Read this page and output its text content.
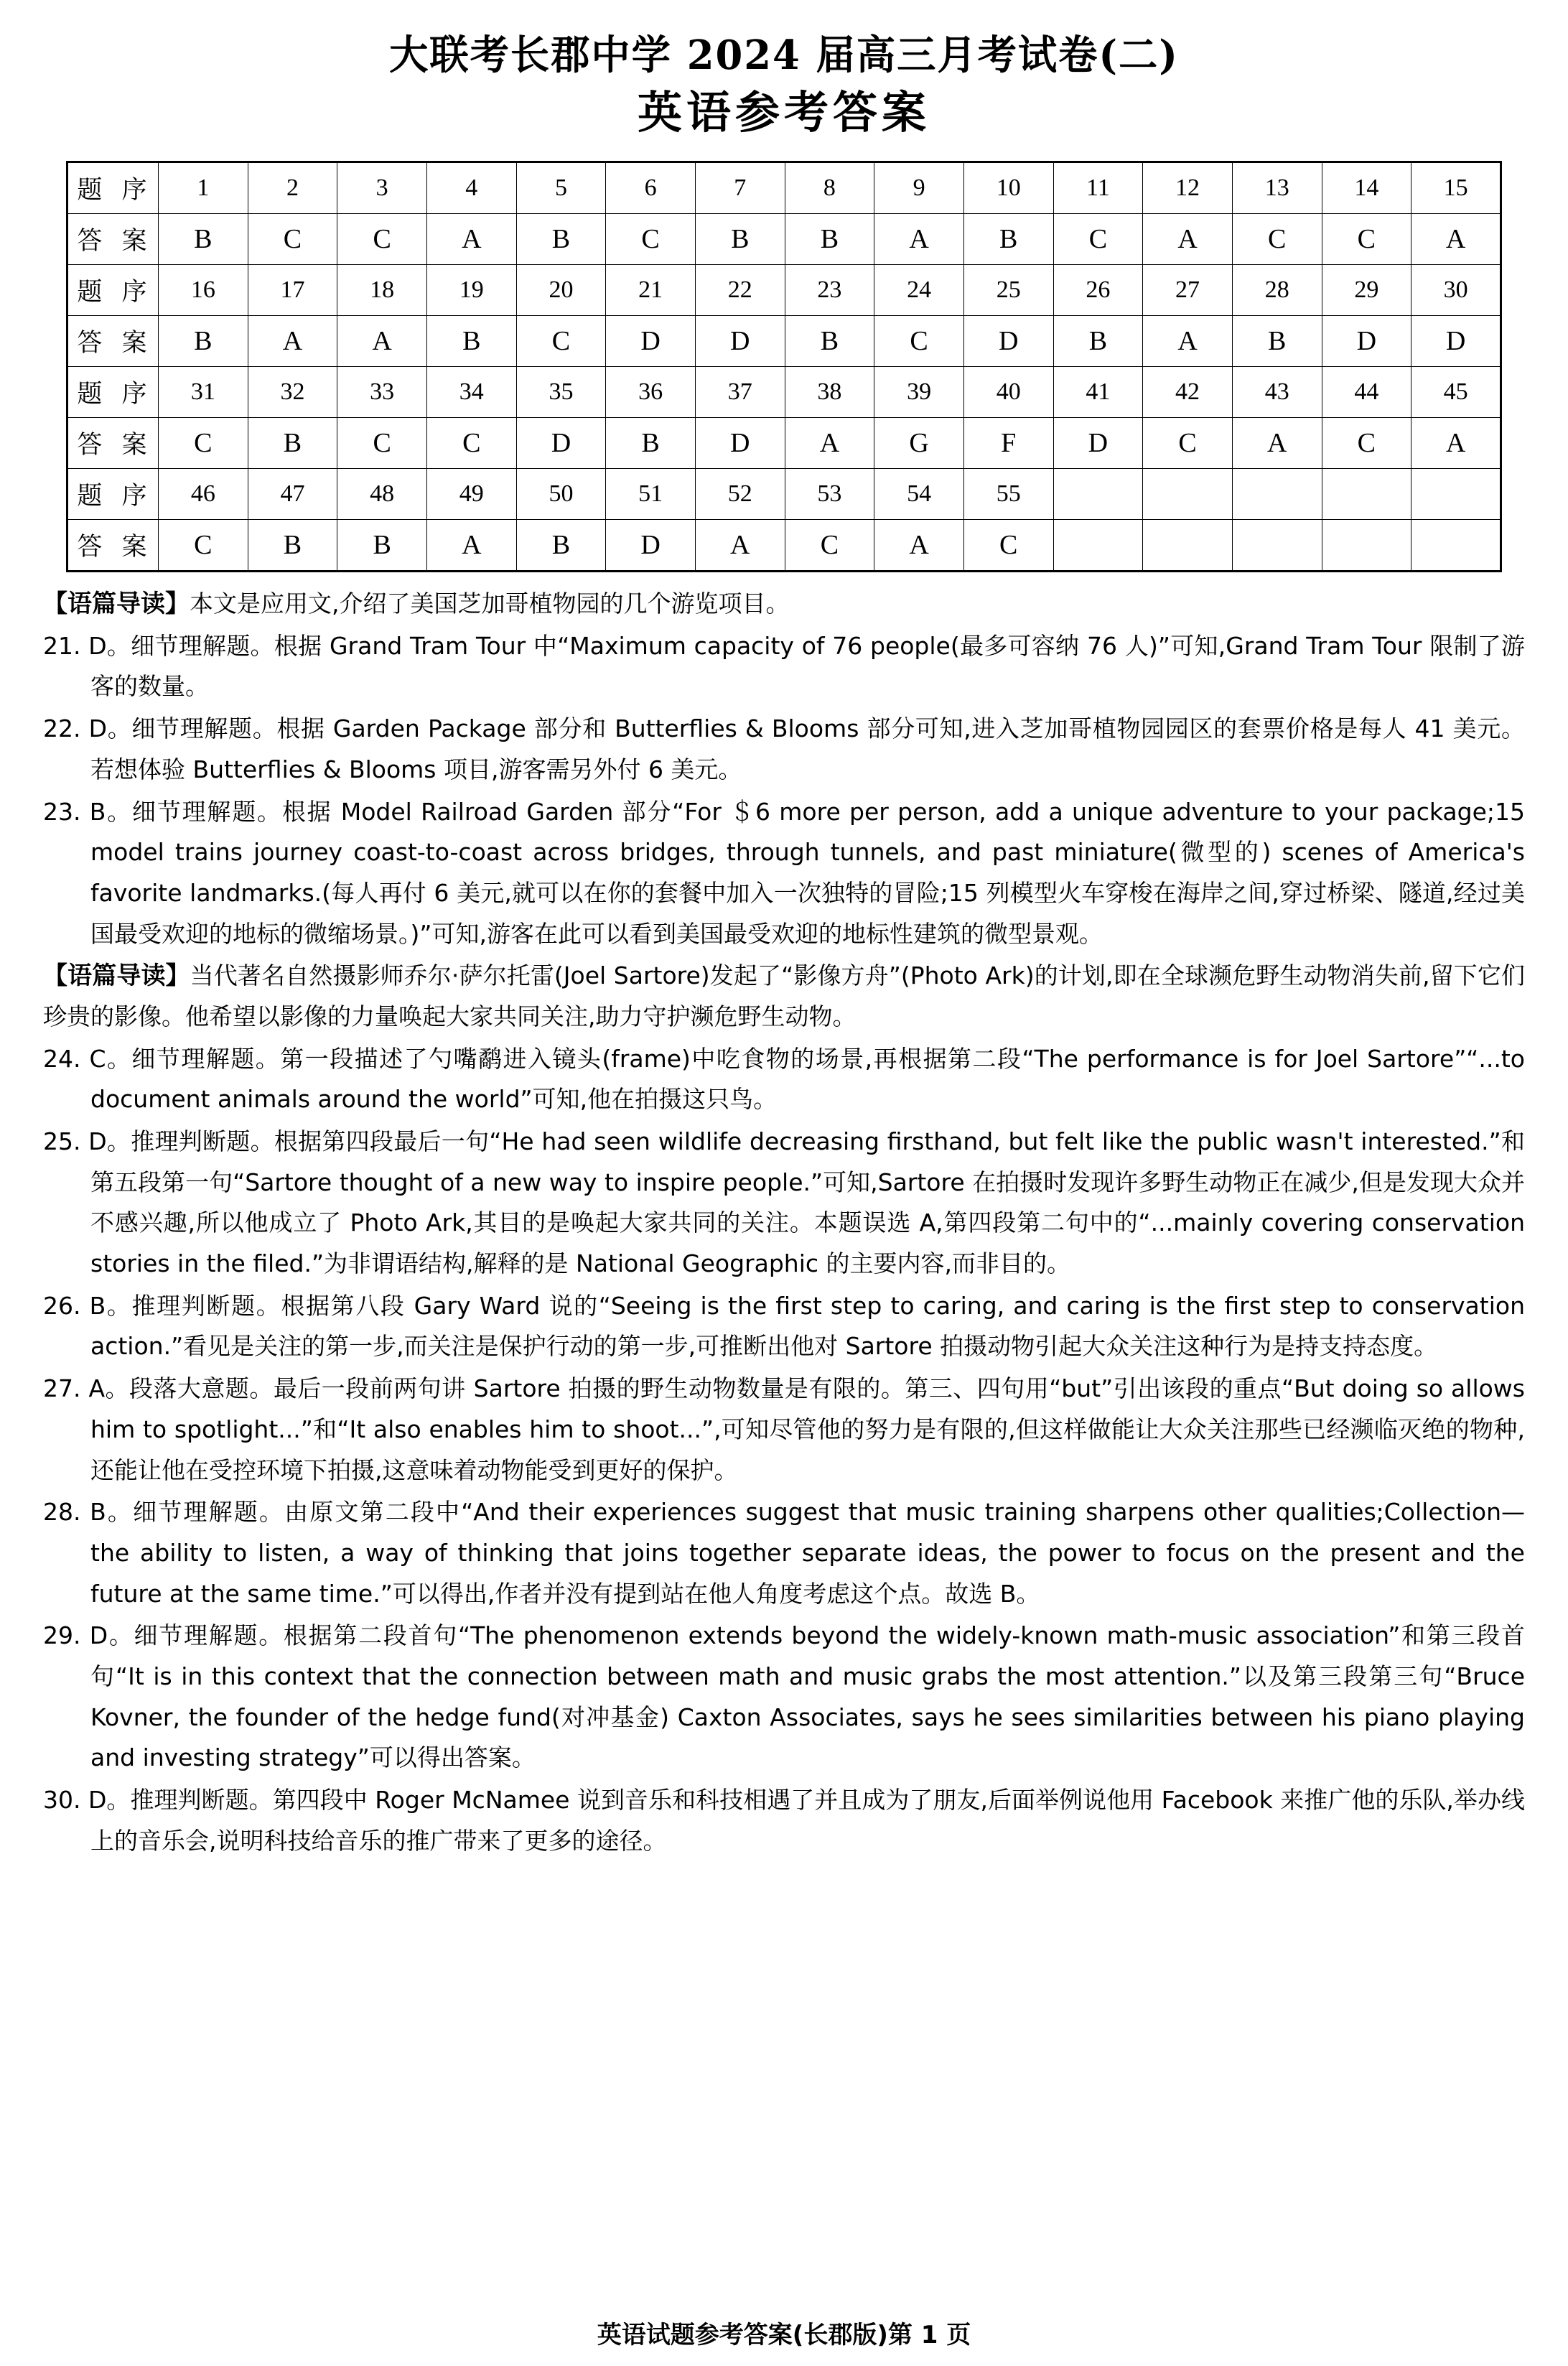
大联考长郡中学 2024 届高三月考试卷(二)
英语参考答案
题 序	1	2	3	4	5	6	7	8	9	10	11	12	13	14	15
答 案	B	C	C	A	B	C	B	B	A	B	C	A	C	C	A
题 序	16	17	18	19	20	21	22	23	24	25	26	27	28	29	30
答 案	B	A	A	B	C	D	D	B	C	D	B	A	B	D	D
题 序	31	32	33	34	35	36	37	38	39	40	41	42	43	44	45
答 案	C	B	C	C	D	B	D	A	G	F	D	C	A	C	A
题 序	46	47	48	49	50	51	52	53	54	55					
答 案	C	B	B	A	B	D	A	C	A	C					

【语篇导读】本文是应用文,介绍了美国芝加哥植物园的几个游览项目。

21. D。细节理解题。根据 Grand Tram Tour 中“Maximum capacity of 76 people(最多可容纳 76 人)”可知,Grand Tram Tour 限制了游客的数量。

22. D。细节理解题。根据 Garden Package 部分和 Butterflies & Blooms 部分可知,进入芝加哥植物园园区的套票价格是每人 41 美元。若想体验 Butterflies & Blooms 项目,游客需另外付 6 美元。

23. B。细节理解题。根据 Model Railroad Garden 部分“For ＄6 more per person, add a unique adventure to your package;15 model trains journey coast-to-coast across bridges, through tunnels, and past miniature(微型的) scenes of America's favorite landmarks.(每人再付 6 美元,就可以在你的套餐中加入一次独特的冒险;15 列模型火车穿梭在海岸之间,穿过桥梁、隧道,经过美国最受欢迎的地标的微缩场景。)”可知,游客在此可以看到美国最受欢迎的地标性建筑的微型景观。

【语篇导读】当代著名自然摄影师乔尔·萨尔托雷(Joel Sartore)发起了“影像方舟”(Photo Ark)的计划,即在全球濒危野生动物消失前,留下它们珍贵的影像。他希望以影像的力量唤起大家共同关注,助力守护濒危野生动物。

24. C。细节理解题。第一段描述了勺嘴鹬进入镜头(frame)中吃食物的场景,再根据第二段“The performance is for Joel Sartore”“...to document animals around the world”可知,他在拍摄这只鸟。

25. D。推理判断题。根据第四段最后一句“He had seen wildlife decreasing firsthand, but felt like the public wasn't interested.”和第五段第一句“Sartore thought of a new way to inspire people.”可知,Sartore 在拍摄时发现许多野生动物正在减少,但是发现大众并不感兴趣,所以他成立了 Photo Ark,其目的是唤起大家共同的关注。本题误选 A,第四段第二句中的“...mainly covering conservation stories in the filed.”为非谓语结构,解释的是 National Geographic 的主要内容,而非目的。

26. B。推理判断题。根据第八段 Gary Ward 说的“Seeing is the first step to caring, and caring is the first step to conservation action.”看见是关注的第一步,而关注是保护行动的第一步,可推断出他对 Sartore 拍摄动物引起大众关注这种行为是持支持态度。

27. A。段落大意题。最后一段前两句讲 Sartore 拍摄的野生动物数量是有限的。第三、四句用“but”引出该段的重点“But doing so allows him to spotlight...”和“It also enables him to shoot...”,可知尽管他的努力是有限的,但这样做能让大众关注那些已经濒临灭绝的物种,还能让他在受控环境下拍摄,这意味着动物能受到更好的保护。

28. B。细节理解题。由原文第二段中“And their experiences suggest that music training sharpens other qualities;Collection—the ability to listen, a way of thinking that joins together separate ideas, the power to focus on the present and the future at the same time.”可以得出,作者并没有提到站在他人角度考虑这个点。故选 B。

29. D。细节理解题。根据第二段首句“The phenomenon extends beyond the widely-known math-music association”和第三段首句“It is in this context that the connection between math and music grabs the most attention.”以及第三段第三句“Bruce Kovner, the founder of the hedge fund(对冲基金) Caxton Associates, says he sees similarities between his piano playing and investing strategy”可以得出答案。

30. D。推理判断题。第四段中 Roger McNamee 说到音乐和科技相遇了并且成为了朋友,后面举例说他用 Facebook 来推广他的乐队,举办线上的音乐会,说明科技给音乐的推广带来了更多的途径。

英语试题参考答案(长郡版)第 1 页
